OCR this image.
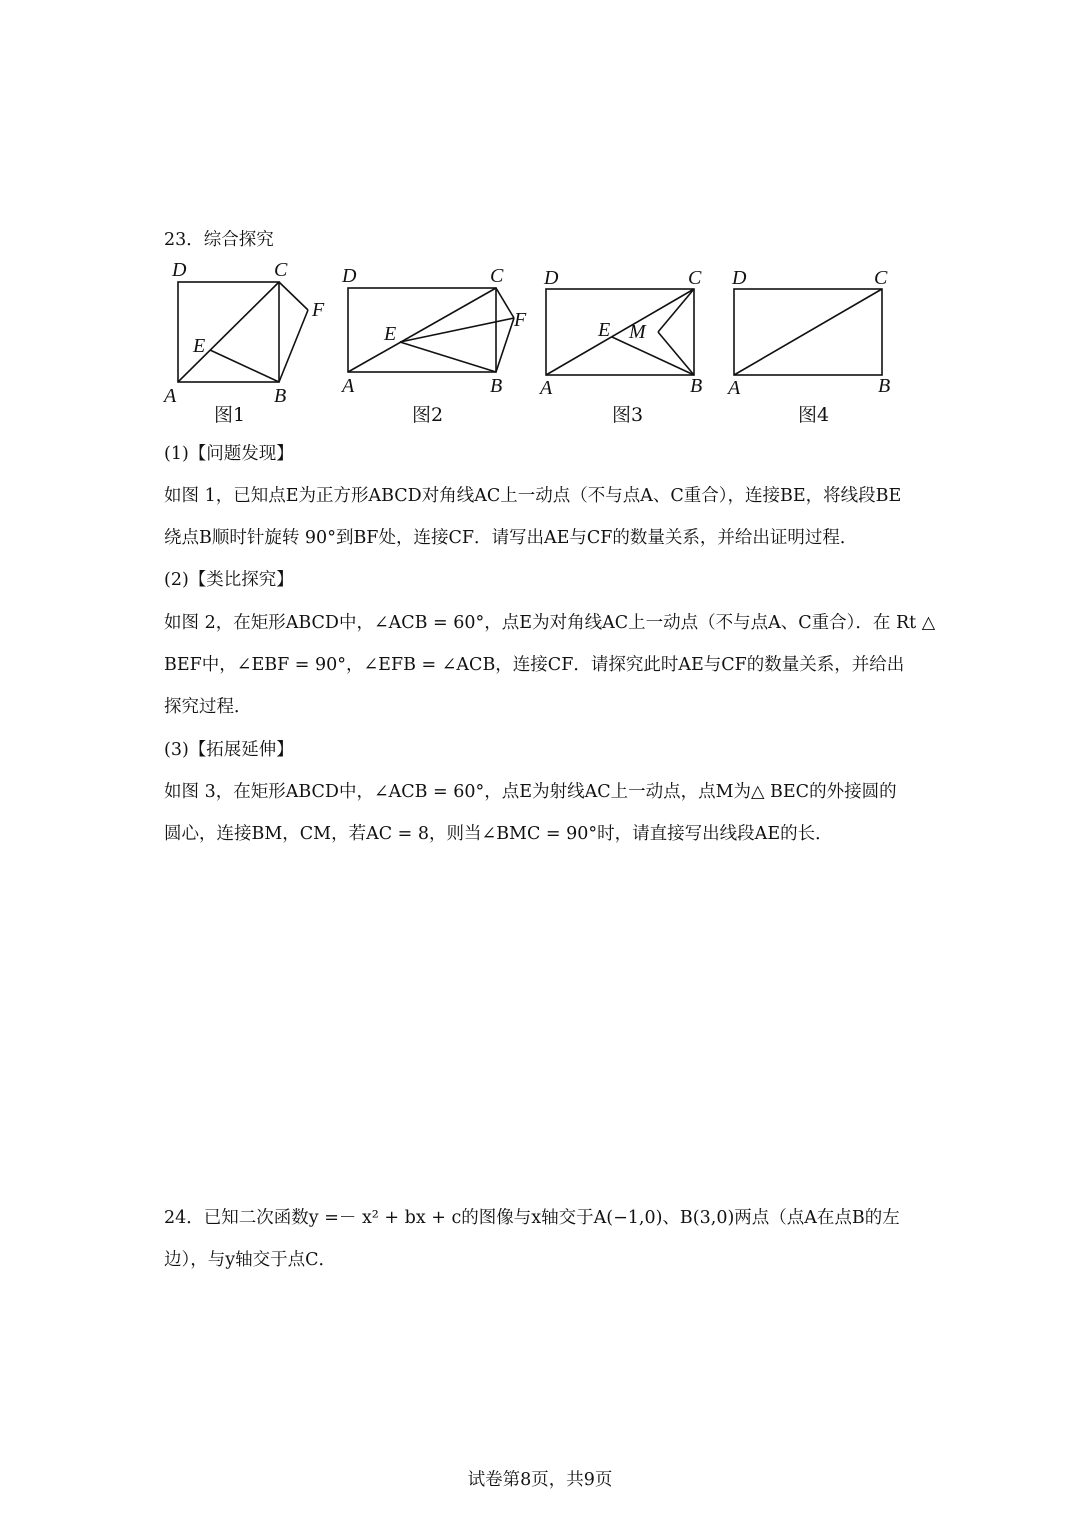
23．综合探究
D	C
F
E
A	B
图1
D	C
F
E
A	B
图2
D	C
E M
A	B
图3
D	C
A	B
图4
(1)【问题发现】
如图 1，已知点E为正方形ABCD对角线AC上一动点（不与点A、C重合），连接BE，将线段BE
绕点B顺时针旋转 90°到BF处，连接CF．请写出AE与CF的数量关系，并给出证明过程．
(2)【类比探究】
如图 2，在矩形ABCD中，∠ACB = 60°，点E为对角线AC上一动点（不与点A、C重合）．在 Rt △
BEF中，∠EBF = 90°，∠EFB = ∠ACB，连接CF．请探究此时AE与CF的数量关系，并给出
探究过程．
(3)【拓展延伸】
如图 3，在矩形ABCD中，∠ACB = 60°，点E为射线AC上一动点，点M为△ BEC的外接圆的
圆心，连接BM，CM，若AC = 8，则当∠BMC = 90°时，请直接写出线段AE的长．
24．已知二次函数y =－ x² + bx + c的图像与x轴交于A(−1,0)、B(3,0)两点（点A在点B的左
边），与y轴交于点C．
试卷第8页，共9页
